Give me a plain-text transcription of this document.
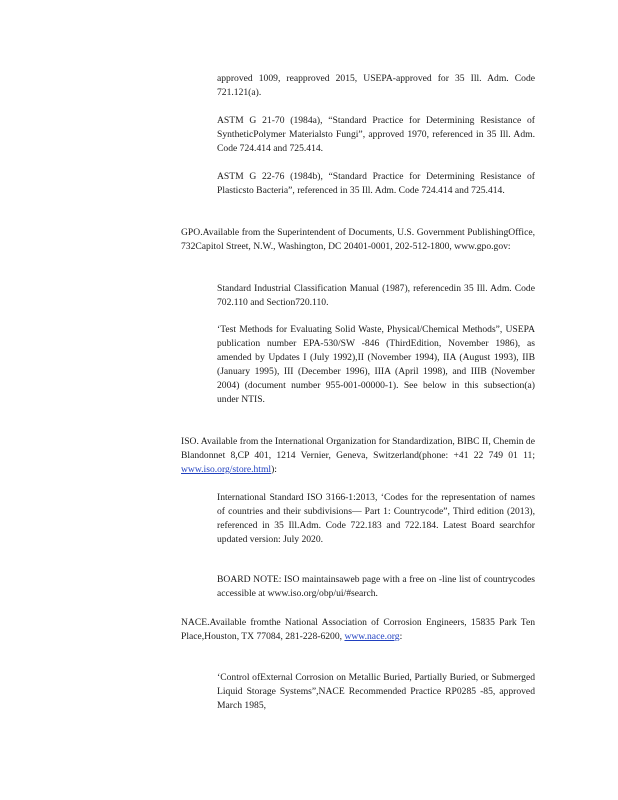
approved 1009, reapproved 2015, USEPA-approved for 35 Ill. Adm. Code 721.121(a).
ASTM G 21-70 (1984a), “Standard Practice for Determining Resistance of SyntheticPolymer Materialsto Fungi”, approved 1970, referenced in 35 Ill. Adm. Code 724.414 and 725.414.
ASTM G 22-76 (1984b), “Standard Practice for Determining Resistance of Plasticsto Bacteria”, referenced in 35 Ill. Adm. Code 724.414 and 725.414.
GPO.Available from the Superintendent of Documents, U.S. Government PublishingOffice, 732Capitol Street, N.W., Washington, DC 20401-0001, 202-512-1800, www.gpo.gov:
Standard Industrial Classification Manual (1987), referencedin 35 Ill. Adm. Code 702.110 and Section720.110.
‘Test Methods for Evaluating Solid Waste, Physical/Chemical Methods”, USEPA publication number EPA-530/SW -846 (ThirdEdition, November 1986), as amended by Updates I (July 1992),II (November 1994), IIA (August 1993), IIB (January 1995), III (December 1996), IIIA (April 1998), and IIIB (November 2004) (document number 955-001-00000-1). See below in this subsection(a) under NTIS.
ISO. Available from the International Organization for Standardization, BIBC II, Chemin de Blandonnet 8,CP 401, 1214 Vernier, Geneva, Switzerland(phone: +41 22 749 01 11; www.iso.org/store.html):
International Standard ISO 3166-1:2013, ‘Codes for the representation of names of countries and their subdivisions— Part 1: Countrycode”, Third edition (2013), referenced in 35 Ill.Adm. Code 722.183 and 722.184. Latest Board searchfor updated version: July 2020.
BOARD NOTE: ISO maintainsaweb page with a free on -line list of countrycodes accessible at www.iso.org/obp/ui/#search.
NACE.Available fromthe National Association of Corrosion Engineers, 15835 Park Ten Place,Houston, TX 77084, 281-228-6200, www.nace.org:
‘Control ofExternal Corrosion on Metallic Buried, Partially Buried, or Submerged Liquid Storage Systems”,NACE Recommended Practice RP0285 -85, approved March 1985,
